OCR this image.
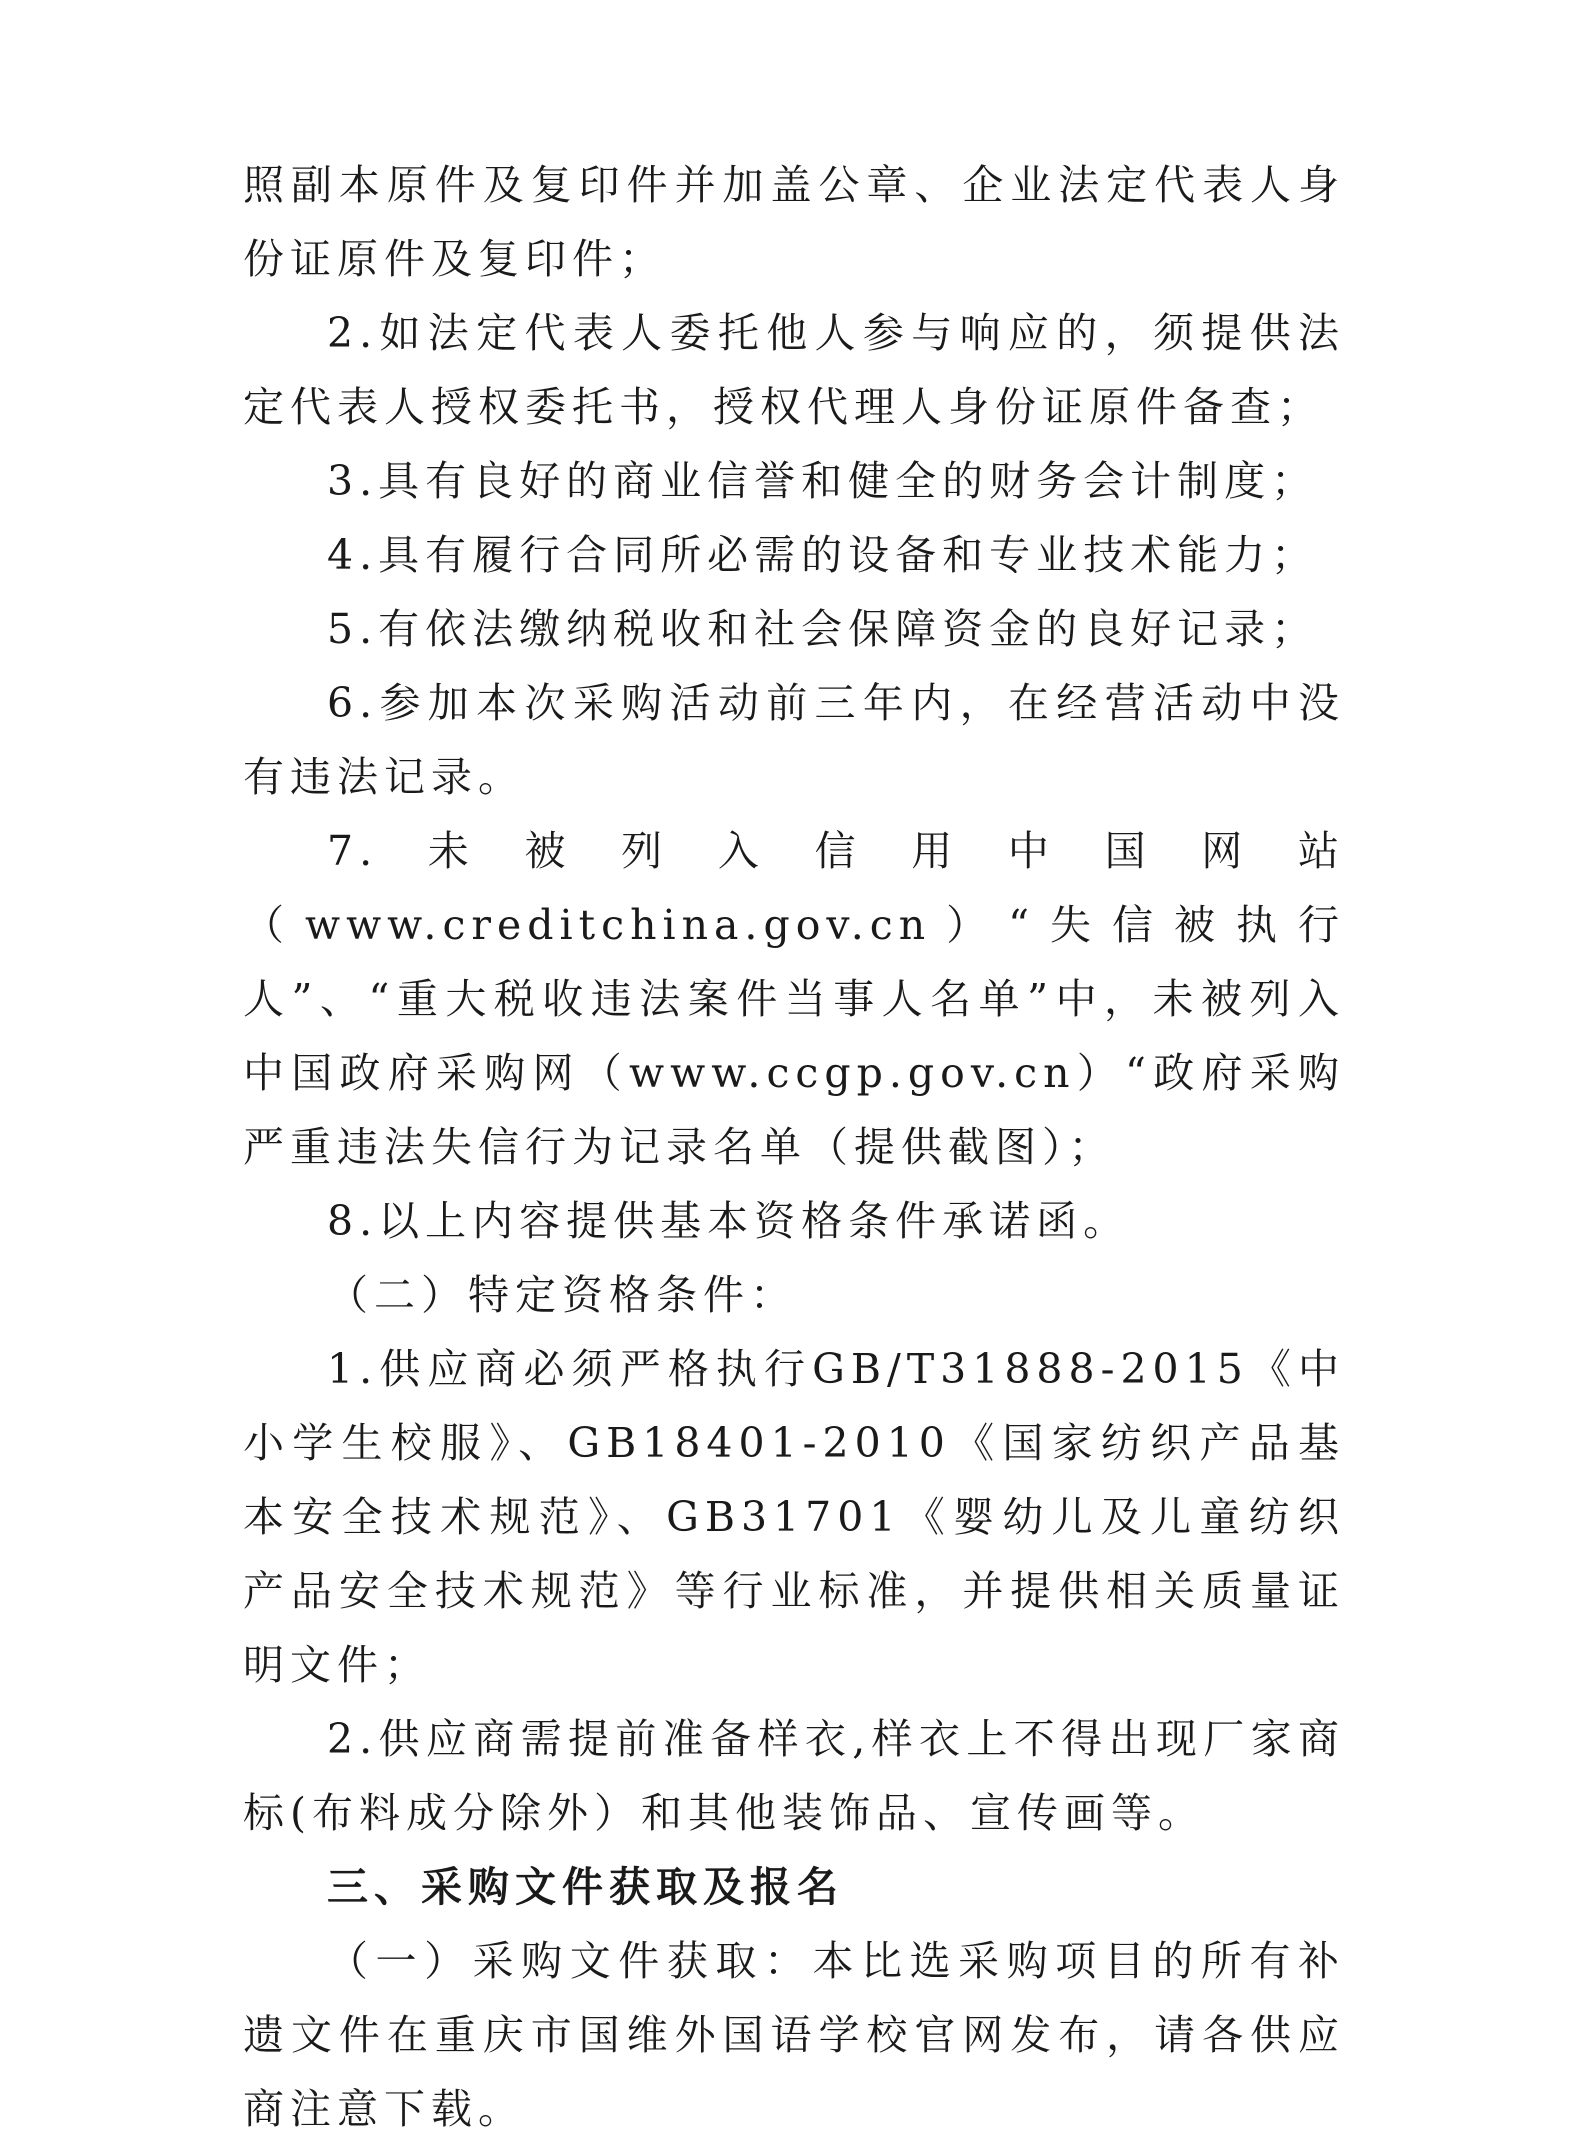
照副本原件及复印件并加盖公章、企业法定代表人身份证原件及复印件；

2.如法定代表人委托他人参与响应的，须提供法定代表人授权委托书，授权代理人身份证原件备查；

3.具有良好的商业信誉和健全的财务会计制度；

4.具有履行合同所必需的设备和专业技术能力；

5.有依法缴纳税收和社会保障资金的良好记录；

6.参加本次采购活动前三年内，在经营活动中没有违法记录。

7.未被列入信用中国网站（www.creditchina.gov.cn）“失信被执行人”、“重大税收违法案件当事人名单”中，未被列入中国政府采购网（www.ccgp.gov.cn）“政府采购严重违法失信行为记录名单（提供截图）；

8.以上内容提供基本资格条件承诺函。

（二）特定资格条件：

1.供应商必须严格执行GB/T31888-2015《中小学生校服》、GB18401-2010《国家纺织产品基本安全技术规范》、GB31701《婴幼儿及儿童纺织产品安全技术规范》等行业标准，并提供相关质量证明文件；

2.供应商需提前准备样衣,样衣上不得出现厂家商标(布料成分除外）和其他装饰品、宣传画等。

三、采购文件获取及报名

（一）采购文件获取：本比选采购项目的所有补遗文件在重庆市国维外国语学校官网发布，请各供应商注意下载。
